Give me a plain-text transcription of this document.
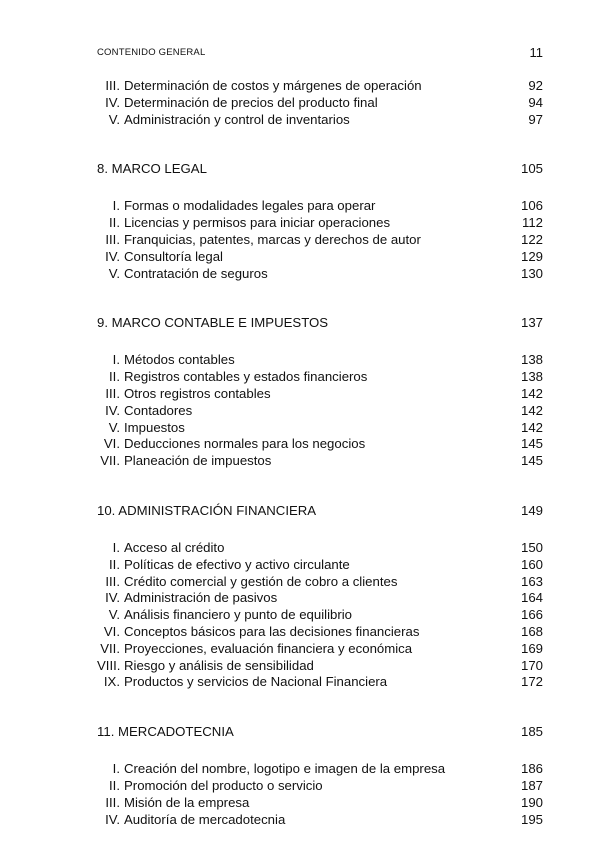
CONTENIDO GENERAL	11
III. Determinación de costos y márgenes de operación	92
IV. Determinación de precios del producto final	94
V. Administración y control de inventarios	97
8. MARCO LEGAL	105
I. Formas o modalidades legales para operar	106
II. Licencias y permisos para iniciar operaciones	112
III. Franquicias, patentes, marcas y derechos de autor	122
IV. Consultoría legal	129
V. Contratación de seguros	130
9. MARCO CONTABLE E IMPUESTOS	137
I. Métodos contables	138
II. Registros contables y estados financieros	138
III. Otros registros contables	142
IV. Contadores	142
V. Impuestos	142
VI. Deducciones normales para los negocios	145
VII. Planeación de impuestos	145
10. ADMINISTRACIÓN FINANCIERA	149
I. Acceso al crédito	150
II. Políticas de efectivo y activo circulante	160
III. Crédito comercial y gestión de cobro a clientes	163
IV. Administración de pasivos	164
V. Análisis financiero y punto de equilibrio	166
VI. Conceptos básicos para las decisiones financieras	168
VII. Proyecciones, evaluación financiera y económica	169
VIII. Riesgo y análisis de sensibilidad	170
IX. Productos y servicios de Nacional Financiera	172
11. MERCADOTECNIA	185
I. Creación del nombre, logotipo e imagen de la empresa	186
II. Promoción del producto o servicio	187
III. Misión de la empresa	190
IV. Auditoría de mercadotecnia	195
